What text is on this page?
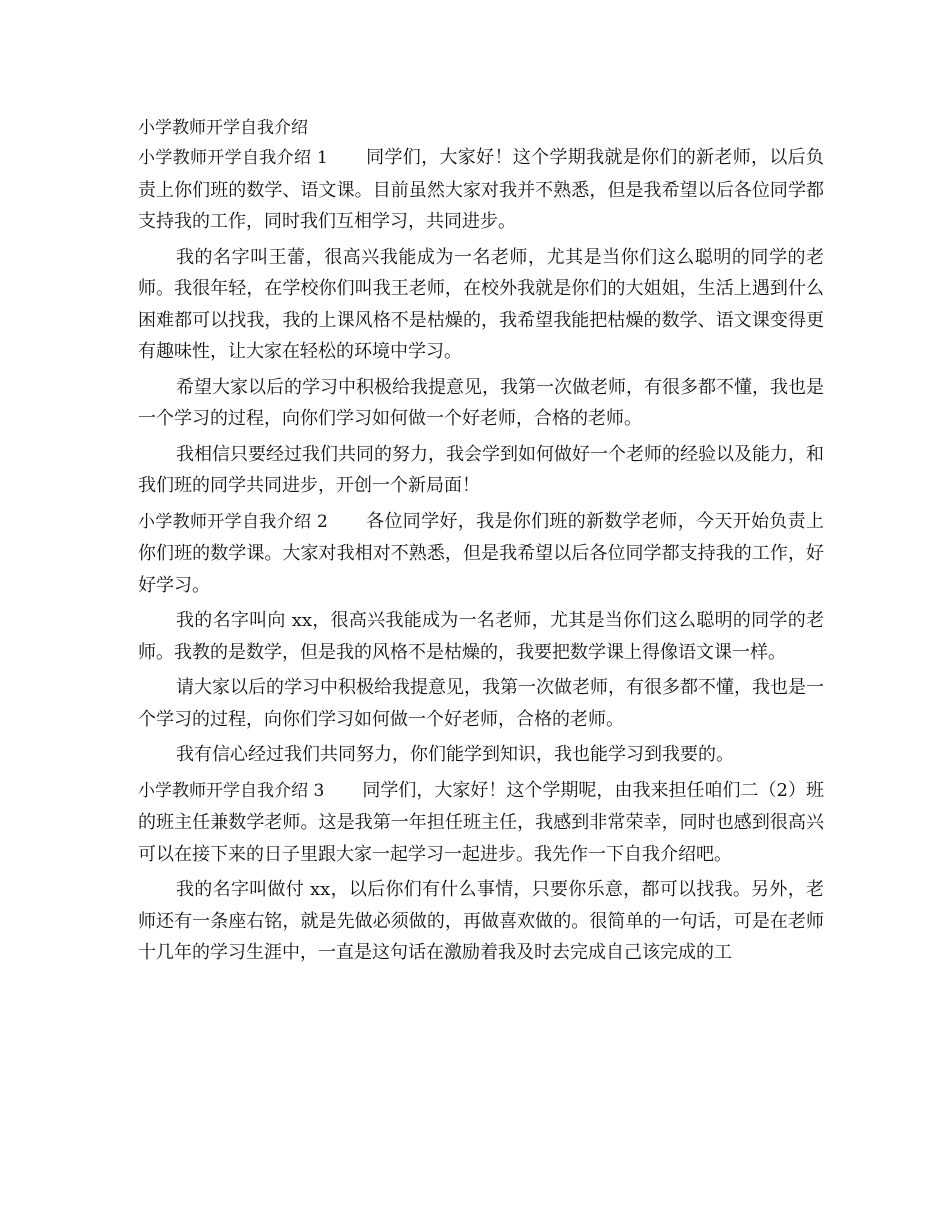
小学教师开学自我介绍

小学教师开学自我介绍 1 同学们，大家好！这个学期我就是你们的新老师，以后负责上你们班的数学、语文课。目前虽然大家对我并不熟悉，但是我希望以后各位同学都支持我的工作，同时我们互相学习，共同进步。

我的名字叫王蕾，很高兴我能成为一名老师，尤其是当你们这么聪明的同学的老师。我很年轻，在学校你们叫我王老师，在校外我就是你们的大姐姐，生活上遇到什么困难都可以找我，我的上课风格不是枯燥的，我希望我能把枯燥的数学、语文课变得更有趣味性，让大家在轻松的环境中学习。

希望大家以后的学习中积极给我提意见，我第一次做老师，有很多都不懂，我也是一个学习的过程，向你们学习如何做一个好老师，合格的老师。

我相信只要经过我们共同的努力，我会学到如何做好一个老师的经验以及能力，和我们班的同学共同进步，开创一个新局面！

小学教师开学自我介绍 2 各位同学好，我是你们班的新数学老师，今天开始负责上你们班的数学课。大家对我相对不熟悉，但是我希望以后各位同学都支持我的工作，好好学习。

我的名字叫向 xx，很高兴我能成为一名老师，尤其是当你们这么聪明的同学的老师。我教的是数学，但是我的风格不是枯燥的，我要把数学课上得像语文课一样。

请大家以后的学习中积极给我提意见，我第一次做老师，有很多都不懂，我也是一个学习的过程，向你们学习如何做一个好老师，合格的老师。

我有信心经过我们共同努力，你们能学到知识，我也能学习到我要的。

小学教师开学自我介绍 3 同学们，大家好！这个学期呢，由我来担任咱们二（2）班的班主任兼数学老师。这是我第一年担任班主任，我感到非常荣幸，同时也感到很高兴可以在接下来的日子里跟大家一起学习一起进步。我先作一下自我介绍吧。

我的名字叫做付 xx，以后你们有什么事情，只要你乐意，都可以找我。另外，老师还有一条座右铭，就是先做必须做的，再做喜欢做的。很简单的一句话，可是在老师十几年的学习生涯中，一直是这句话在激励着我及时去完成自己该完成的工
